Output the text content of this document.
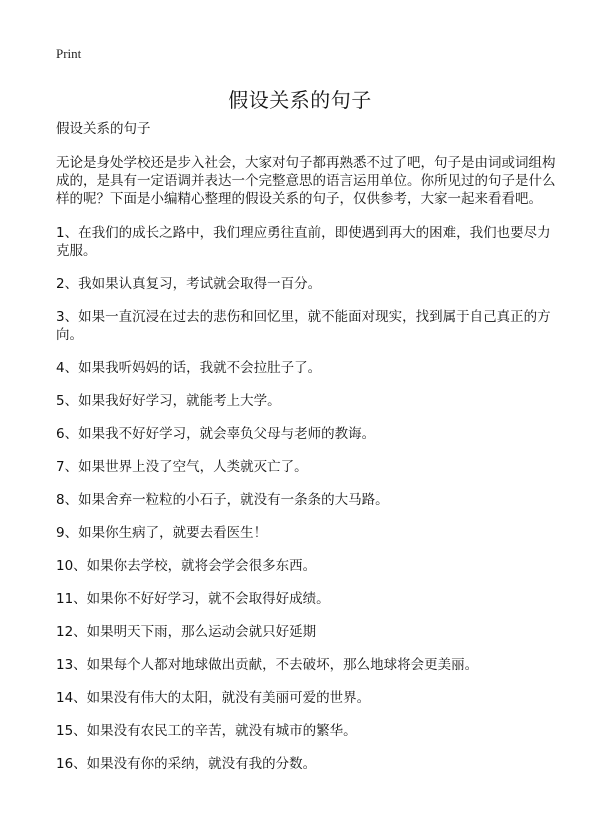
Print
假设关系的句子

假设关系的句子

无论是身处学校还是步入社会，大家对句子都再熟悉不过了吧，句子是由词或词组构成的，是具有一定语调并表达一个完整意思的语言运用单位。你所见过的句子是什么样的呢？下面是小编精心整理的假设关系的句子，仅供参考，大家一起来看看吧。

1、在我们的成长之路中，我们理应勇往直前，即使遇到再大的困难，我们也要尽力克服。

2、我如果认真复习，考试就会取得一百分。

3、如果一直沉浸在过去的悲伤和回忆里，就不能面对现实，找到属于自己真正的方向。

4、如果我听妈妈的话，我就不会拉肚子了。

5、如果我好好学习，就能考上大学。

6、如果我不好好学习，就会辜负父母与老师的教诲。

7、如果世界上没了空气，人类就灭亡了。

8、如果舍弃一粒粒的小石子，就没有一条条的大马路。

9、如果你生病了，就要去看医生！

10、如果你去学校，就将会学会很多东西。

11、如果你不好好学习，就不会取得好成绩。

12、如果明天下雨，那么运动会就只好延期

13、如果每个人都对地球做出贡献，不去破坏，那么地球将会更美丽。

14、如果没有伟大的太阳，就没有美丽可爱的世界。

15、如果没有农民工的辛苦，就没有城市的繁华。

16、如果没有你的采纳，就没有我的分数。
